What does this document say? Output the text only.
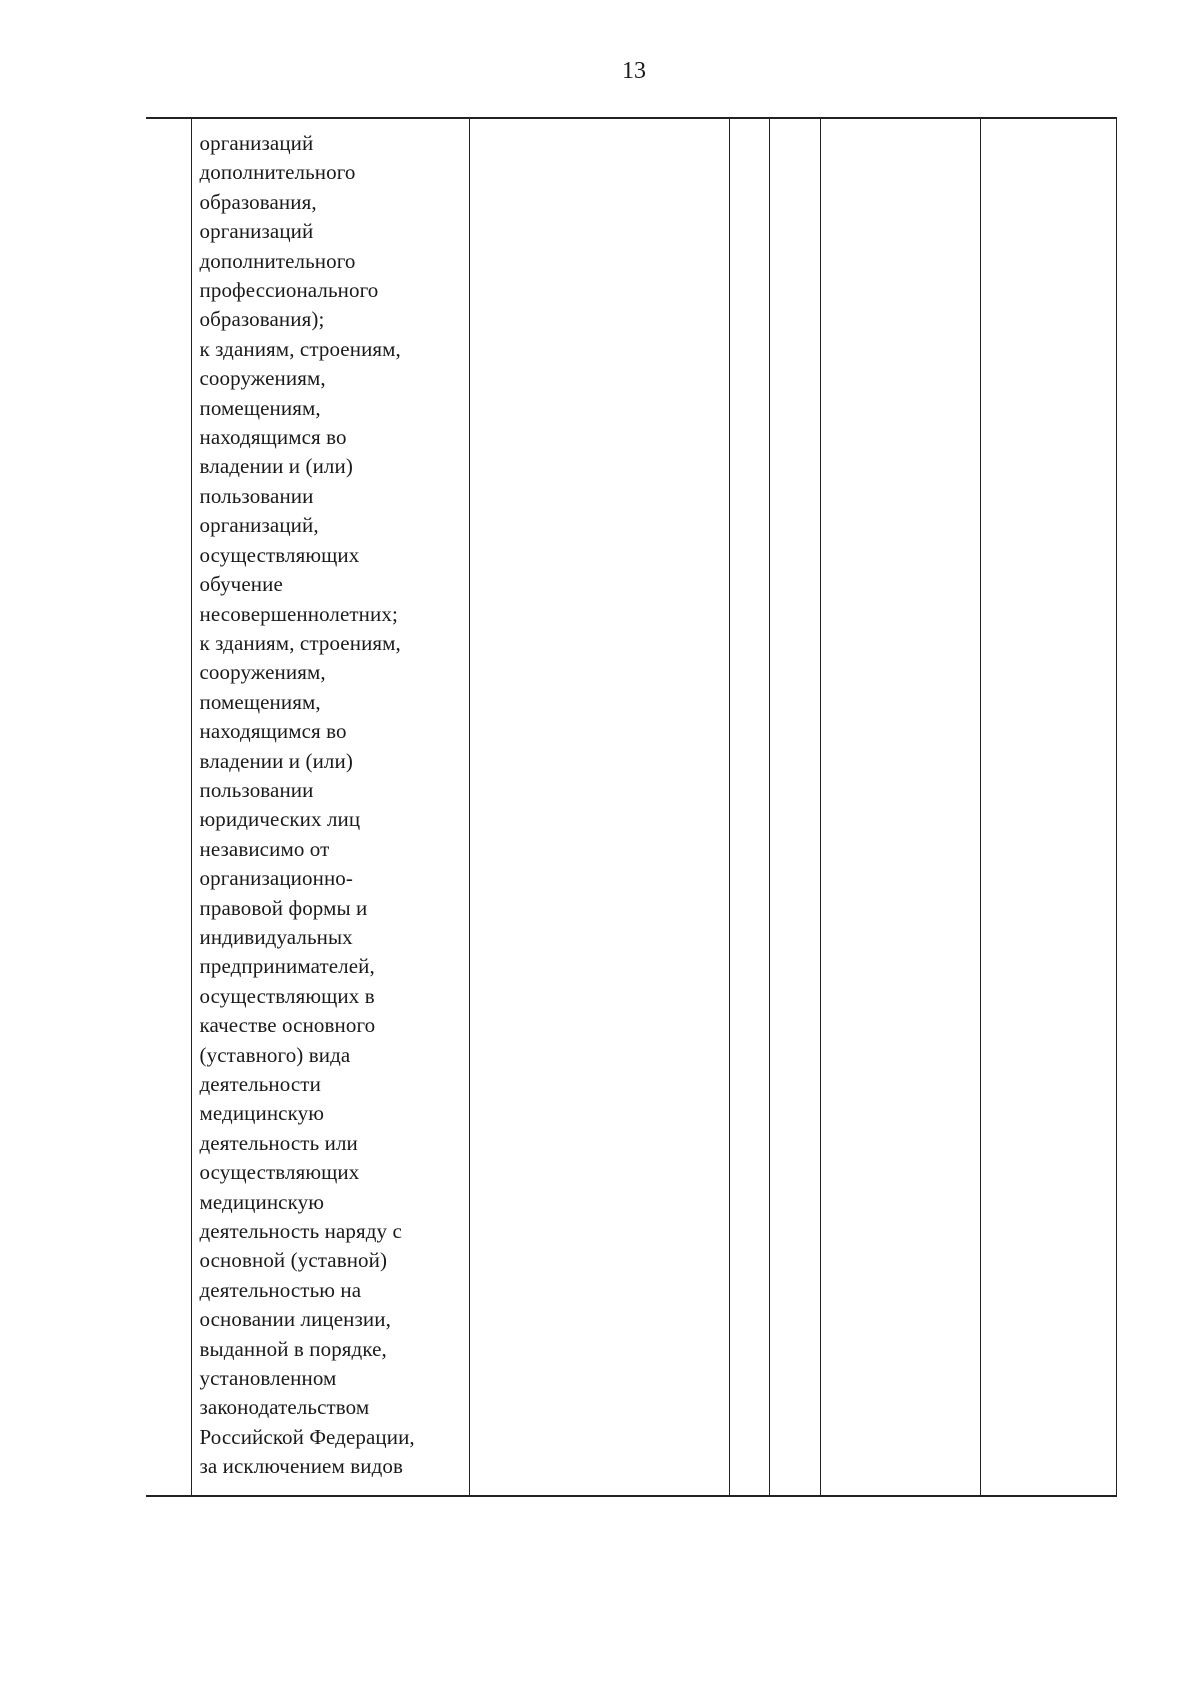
13
	организаций
дополнительного
образования,
организаций
дополнительного
профессионального
образования);
к зданиям, строениям,
сооружениям,
помещениям,
находящимся во
владении и (или)
пользовании
организаций,
осуществляющих
обучение
несовершеннолетних;
к зданиям, строениям,
сооружениям,
помещениям,
находящимся во
владении и (или)
пользовании
юридических лиц
независимо от
организационно-
правовой формы и
индивидуальных
предпринимателей,
осуществляющих в
качестве основного
(уставного) вида
деятельности
медицинскую
деятельность или
осуществляющих
медицинскую
деятельность наряду с
основной (уставной)
деятельностью на
основании лицензии,
выданной в порядке,
установленном
законодательством
Российской Федерации,
за исключением видов					
